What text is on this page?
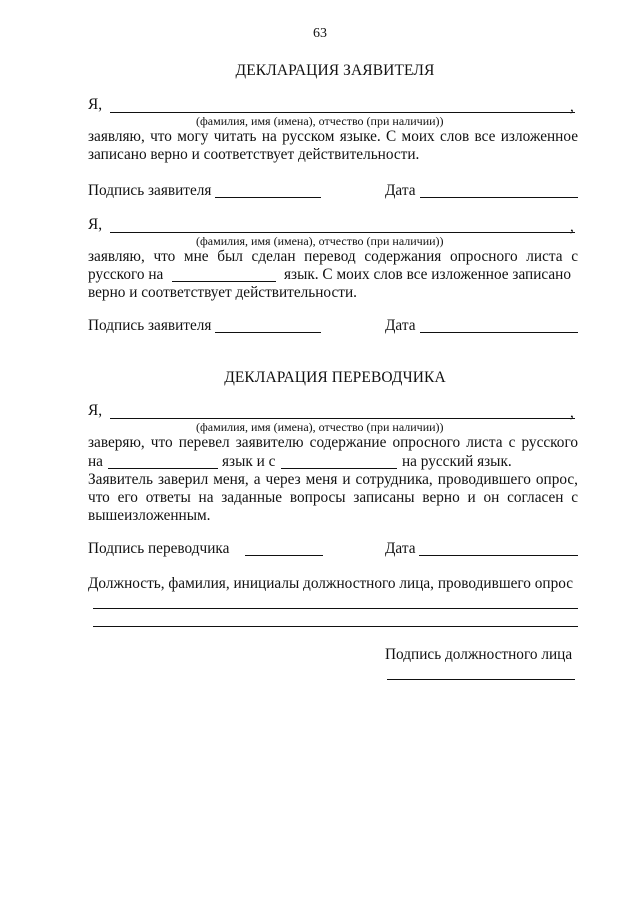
63
ДЕКЛАРАЦИЯ ЗАЯВИТЕЛЯ
Я,	,
(фамилия, имя (имена), отчество (при наличии))
заявляю, что могу читать на русском языке. С моих слов все изложенное
записано верно и соответствует действительности.
Подпись заявителя	Дата
Я,	,
(фамилия, имя (имена), отчество (при наличии))
заявляю, что мне был сделан перевод содержания опросного листа с
русского на	язык. С моих слов все изложенное записано
верно и соответствует действительности.
Подпись заявителя	Дата
ДЕКЛАРАЦИЯ ПЕРЕВОДЧИКА
Я,	,
(фамилия, имя (имена), отчество (при наличии))
заверяю, что перевел заявителю содержание опросного листа с русского
на	язык и с	на русский язык.
Заявитель заверил меня, а через меня и сотрудника, проводившего опрос,
что его ответы на заданные вопросы записаны верно и он согласен с
вышеизложенным.
Подпись переводчика	Дата
Должность, фамилия, инициалы должностного лица, проводившего опрос
Подпись должностного лица
